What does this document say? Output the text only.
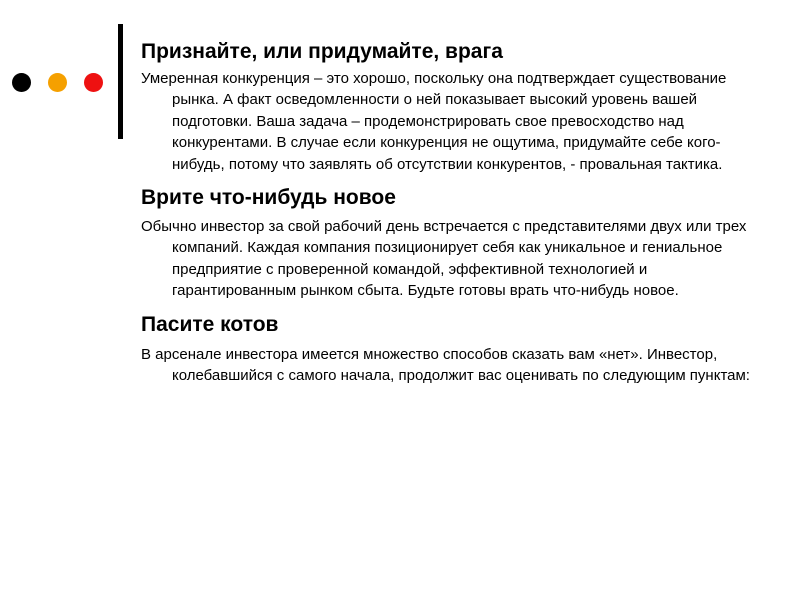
Признайте, или придумайте, врага

Умеренная конкуренция – это хорошо, поскольку она подтверждает существование рынка. А факт осведомленности о ней показывает высокий уровень вашей подготовки. Ваша задача – продемонстрировать свое превосходство над конкурентами. В случае если конкуренция не ощутима, придумайте себе кого-нибудь, потому что заявлять об отсутствии конкурентов, - провальная тактика.

Врите что-нибудь новое

Обычно инвестор за свой рабочий день встречается с представителями двух или трех компаний. Каждая компания позиционирует себя как уникальное и гениальное предприятие с проверенной командой, эффективной технологией и гарантированным рынком сбыта. Будьте готовы врать что-нибудь новое.

Пасите котов

В арсенале инвестора имеется множество способов сказать вам «нет». Инвестор, колебавшийся с самого начала, продолжит вас оценивать по следующим пунктам:
